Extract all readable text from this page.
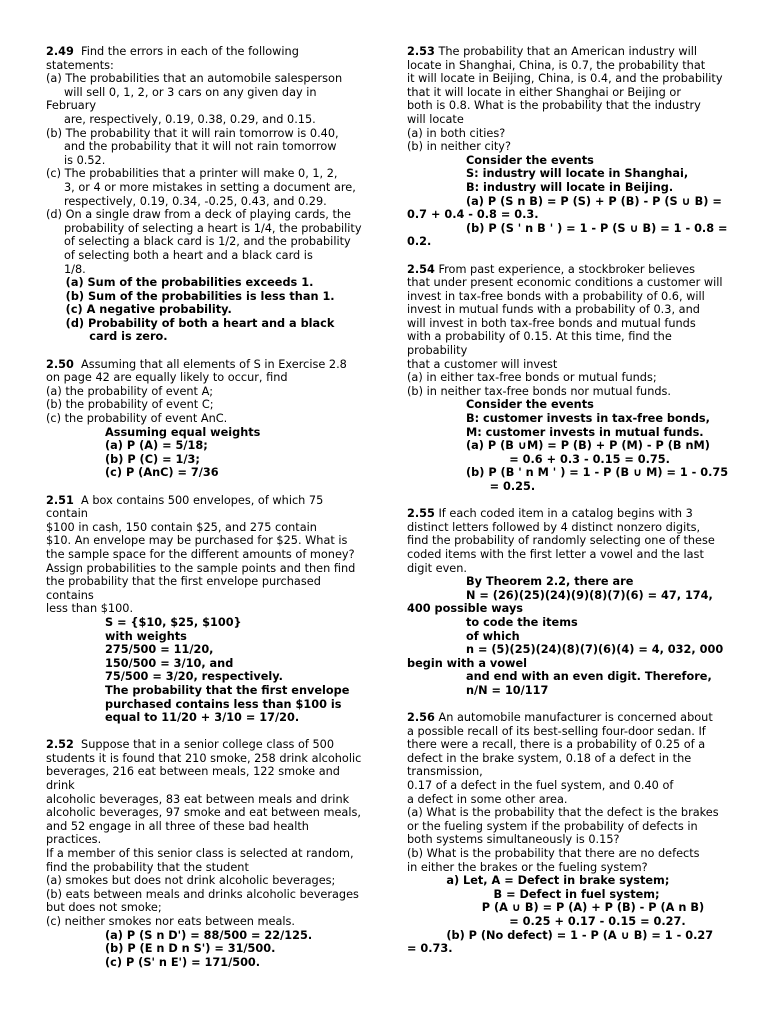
2.49  Find the errors in each of the following
statements:
(a) The probabilities that an automobile salesperson
will sell 0, 1, 2, or 3 cars on any given day in
February
are, respectively, 0.19, 0.38, 0.29, and 0.15.
(b) The probability that it will rain tomorrow is 0.40,
and the probability that it will not rain tomorrow
is 0.52.
(c) The probabilities that a printer will make 0, 1, 2,
3, or 4 or more mistakes in setting a document are,
respectively, 0.19, 0.34, -0.25, 0.43, and 0.29.
(d) On a single draw from a deck of playing cards, the
probability of selecting a heart is 1/4, the probability
of selecting a black card is 1/2, and the probability
of selecting both a heart and a black card is
1/8.
(a) Sum of the probabilities exceeds 1.
(b) Sum of the probabilities is less than 1.
(c) A negative probability.
(d) Probability of both a heart and a black
card is zero.
2.50  Assuming that all elements of S in Exercise 2.8
on page 42 are equally likely to occur, find
(a) the probability of event A;
(b) the probability of event C;
(c) the probability of event AnC.
Assuming equal weights
(a) P (A) = 5/18;
(b) P (C) = 1/3;
(c) P (AnC) = 7/36
2.51  A box contains 500 envelopes, of which 75
contain
$100 in cash, 150 contain $25, and 275 contain
$10. An envelope may be purchased for $25. What is
the sample space for the different amounts of money?
Assign probabilities to the sample points and then find
the probability that the first envelope purchased
contains
less than $100.
S = {$10, $25, $100}
with weights
275/500 = 11/20,
150/500 = 3/10, and
75/500 = 3/20, respectively.
The probability that the first envelope
purchased contains less than $100 is
equal to 11/20 + 3/10 = 17/20.
2.52  Suppose that in a senior college class of 500
students it is found that 210 smoke, 258 drink alcoholic
beverages, 216 eat between meals, 122 smoke and
drink
alcoholic beverages, 83 eat between meals and drink
alcoholic beverages, 97 smoke and eat between meals,
and 52 engage in all three of these bad health
practices.
If a member of this senior class is selected at random,
find the probability that the student
(a) smokes but does not drink alcoholic beverages;
(b) eats between meals and drinks alcoholic beverages
but does not smoke;
(c) neither smokes nor eats between meals.
(a) P (S n D') = 88/500 = 22/125.
(b) P (E n D n S') = 31/500.
(c) P (S' n E') = 171/500.
2.53 The probability that an American industry will
locate in Shanghai, China, is 0.7, the probability that
it will locate in Beijing, China, is 0.4, and the probability
that it will locate in either Shanghai or Beijing or
both is 0.8. What is the probability that the industry
will locate
(a) in both cities?
(b) in neither city?
Consider the events
S: industry will locate in Shanghai,
B: industry will locate in Beijing.
(a) P (S n B) = P (S) + P (B) - P (S ∪ B) =
0.7 + 0.4 - 0.8 = 0.3.
(b) P (S ' n B ' ) = 1 - P (S ∪ B) = 1 - 0.8 =
0.2.
2.54 From past experience, a stockbroker believes
that under present economic conditions a customer will
invest in tax-free bonds with a probability of 0.6, will
invest in mutual funds with a probability of 0.3, and
will invest in both tax-free bonds and mutual funds
with a probability of 0.15. At this time, find the
probability
that a customer will invest
(a) in either tax-free bonds or mutual funds;
(b) in neither tax-free bonds nor mutual funds.
Consider the events
B: customer invests in tax-free bonds,
M: customer invests in mutual funds.
(a) P (B ∪M) = P (B) + P (M) - P (B nM)
= 0.6 + 0.3 - 0.15 = 0.75.
(b) P (B ' n M ' ) = 1 - P (B ∪ M) = 1 - 0.75
= 0.25.
2.55 If each coded item in a catalog begins with 3
distinct letters followed by 4 distinct nonzero digits,
find the probability of randomly selecting one of these
coded items with the first letter a vowel and the last
digit even.
By Theorem 2.2, there are
N = (26)(25)(24)(9)(8)(7)(6) = 47, 174,
400 possible ways
to code the items
of which
n = (5)(25)(24)(8)(7)(6)(4) = 4, 032, 000
begin with a vowel
and end with an even digit. Therefore,
n/N = 10/117
2.56 An automobile manufacturer is concerned about
a possible recall of its best-selling four-door sedan. If
there were a recall, there is a probability of 0.25 of a
defect in the brake system, 0.18 of a defect in the
transmission,
0.17 of a defect in the fuel system, and 0.40 of
a defect in some other area.
(a) What is the probability that the defect is the brakes
or the fueling system if the probability of defects in
both systems simultaneously is 0.15?
(b) What is the probability that there are no defects
in either the brakes or the fueling system?
a) Let, A = Defect in brake system;
B = Defect in fuel system;
P (A ∪ B) = P (A) + P (B) - P (A n B)
= 0.25 + 0.17 - 0.15 = 0.27.
(b) P (No defect) = 1 - P (A ∪ B) = 1 - 0.27
= 0.73.
